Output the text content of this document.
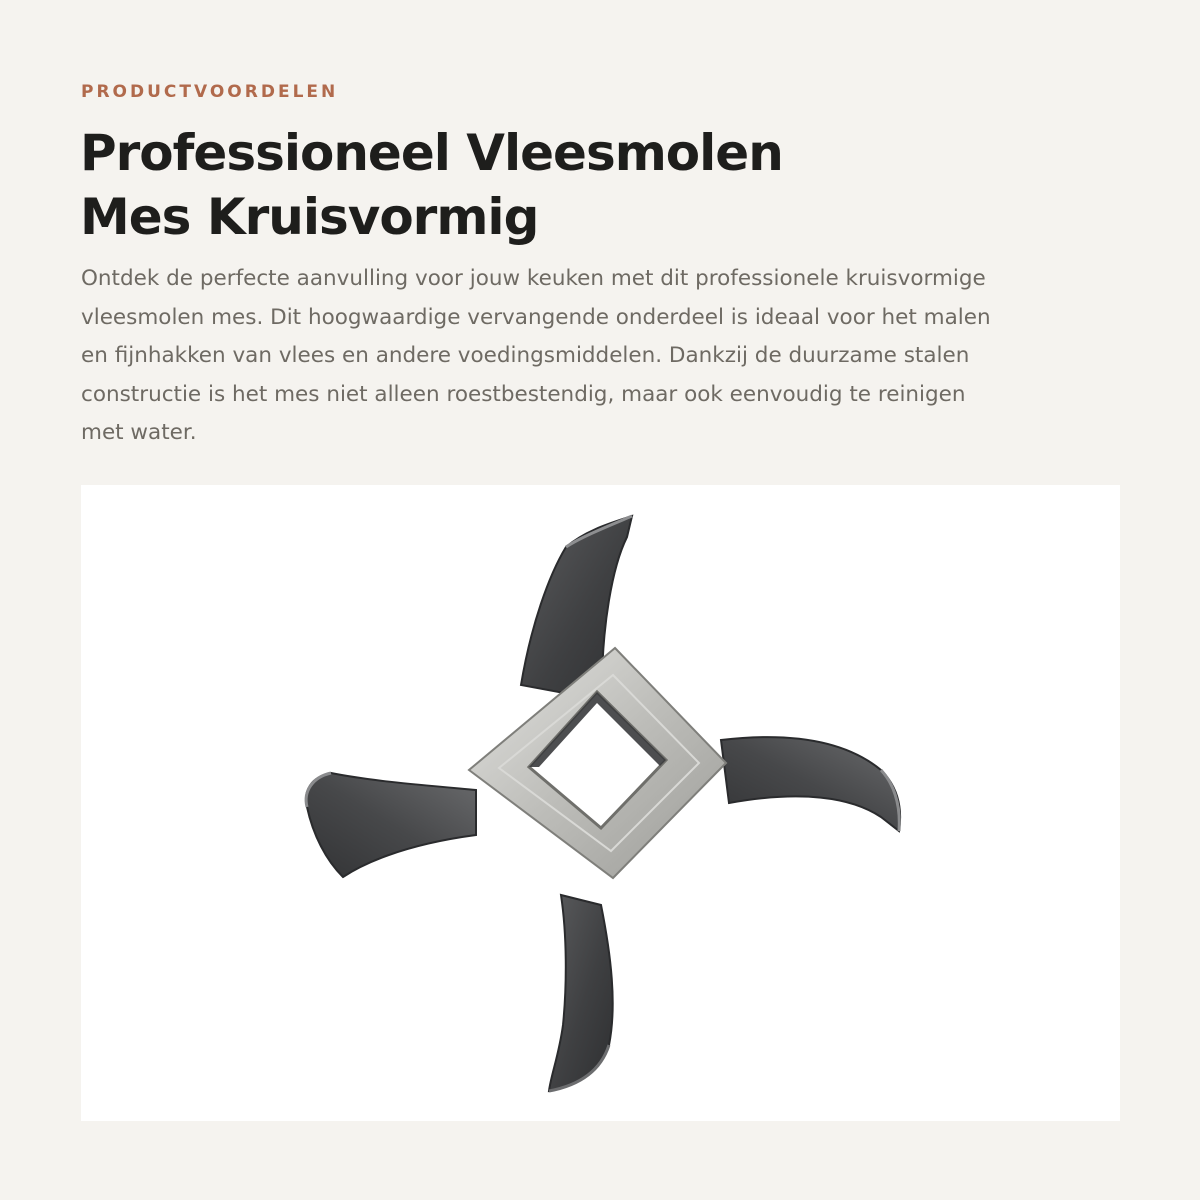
PRODUCTVOORDELEN
Professioneel Vleesmolen
Mes Kruisvormig

Ontdek de perfecte aanvulling voor jouw keuken met dit professionele kruisvormige
vleesmolen mes. Dit hoogwaardige vervangende onderdeel is ideaal voor het malen
en fijnhakken van vlees en andere voedingsmiddelen. Dankzij de duurzame stalen
constructie is het mes niet alleen roestbestendig, maar ook eenvoudig te reinigen
met water.
